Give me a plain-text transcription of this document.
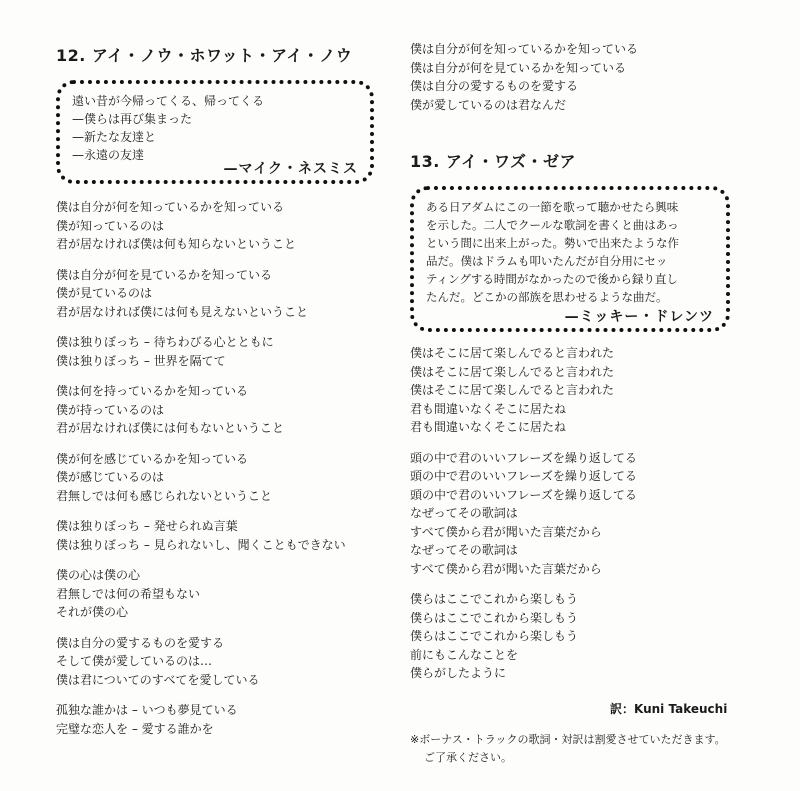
12. アイ・ノウ・ホワット・アイ・ノウ
遠い昔が今帰ってくる、帰ってくる
—僕らは再び集まった
—新たな友達と
—永遠の友達
—マイク・ネスミス
僕は自分が何を知っているかを知っている
僕が知っているのは
君が居なければ僕は何も知らないということ
僕は自分が何を見ているかを知っている
僕が見ているのは
君が居なければ僕には何も見えないということ
僕は独りぼっち – 待ちわびる心とともに
僕は独りぼっち – 世界を隔てて
僕は何を持っているかを知っている
僕が持っているのは
君が居なければ僕には何もないということ
僕が何を感じているかを知っている
僕が感じているのは
君無しでは何も感じられないということ
僕は独りぼっち – 発せられぬ言葉
僕は独りぼっち – 見られないし、聞くこともできない
僕の心は僕の心
君無しでは何の希望もない
それが僕の心
僕は自分の愛するものを愛する
そして僕が愛しているのは…
僕は君についてのすべてを愛している
孤独な誰かは – いつも夢見ている
完璧な恋人を – 愛する誰かを
僕は自分が何を知っているかを知っている
僕は自分が何を見ているかを知っている
僕は自分の愛するものを愛する
僕が愛しているのは君なんだ
13. アイ・ワズ・ゼア
ある日アダムにこの一節を歌って聴かせたら興味
を示した。二人でクールな歌詞を書くと曲はあっ
という間に出来上がった。勢いで出来たような作
品だ。僕はドラムも叩いたんだが自分用にセッ
ティングする時間がなかったので後から録り直し
たんだ。どこかの部族を思わせるような曲だ。
—ミッキー・ドレンツ
僕はそこに居て楽しんでると言われた
僕はそこに居て楽しんでると言われた
僕はそこに居て楽しんでると言われた
君も間違いなくそこに居たね
君も間違いなくそこに居たね
頭の中で君のいいフレーズを繰り返してる
頭の中で君のいいフレーズを繰り返してる
頭の中で君のいいフレーズを繰り返してる
なぜってその歌詞は
すべて僕から君が聞いた言葉だから
なぜってその歌詞は
すべて僕から君が聞いた言葉だから
僕らはここでこれから楽しもう
僕らはここでこれから楽しもう
僕らはここでこれから楽しもう
前にもこんなことを
僕らがしたように
訳：Kuni Takeuchi
※ボーナス・トラックの歌詞・対訳は割愛させていただきます。
ご了承ください。
